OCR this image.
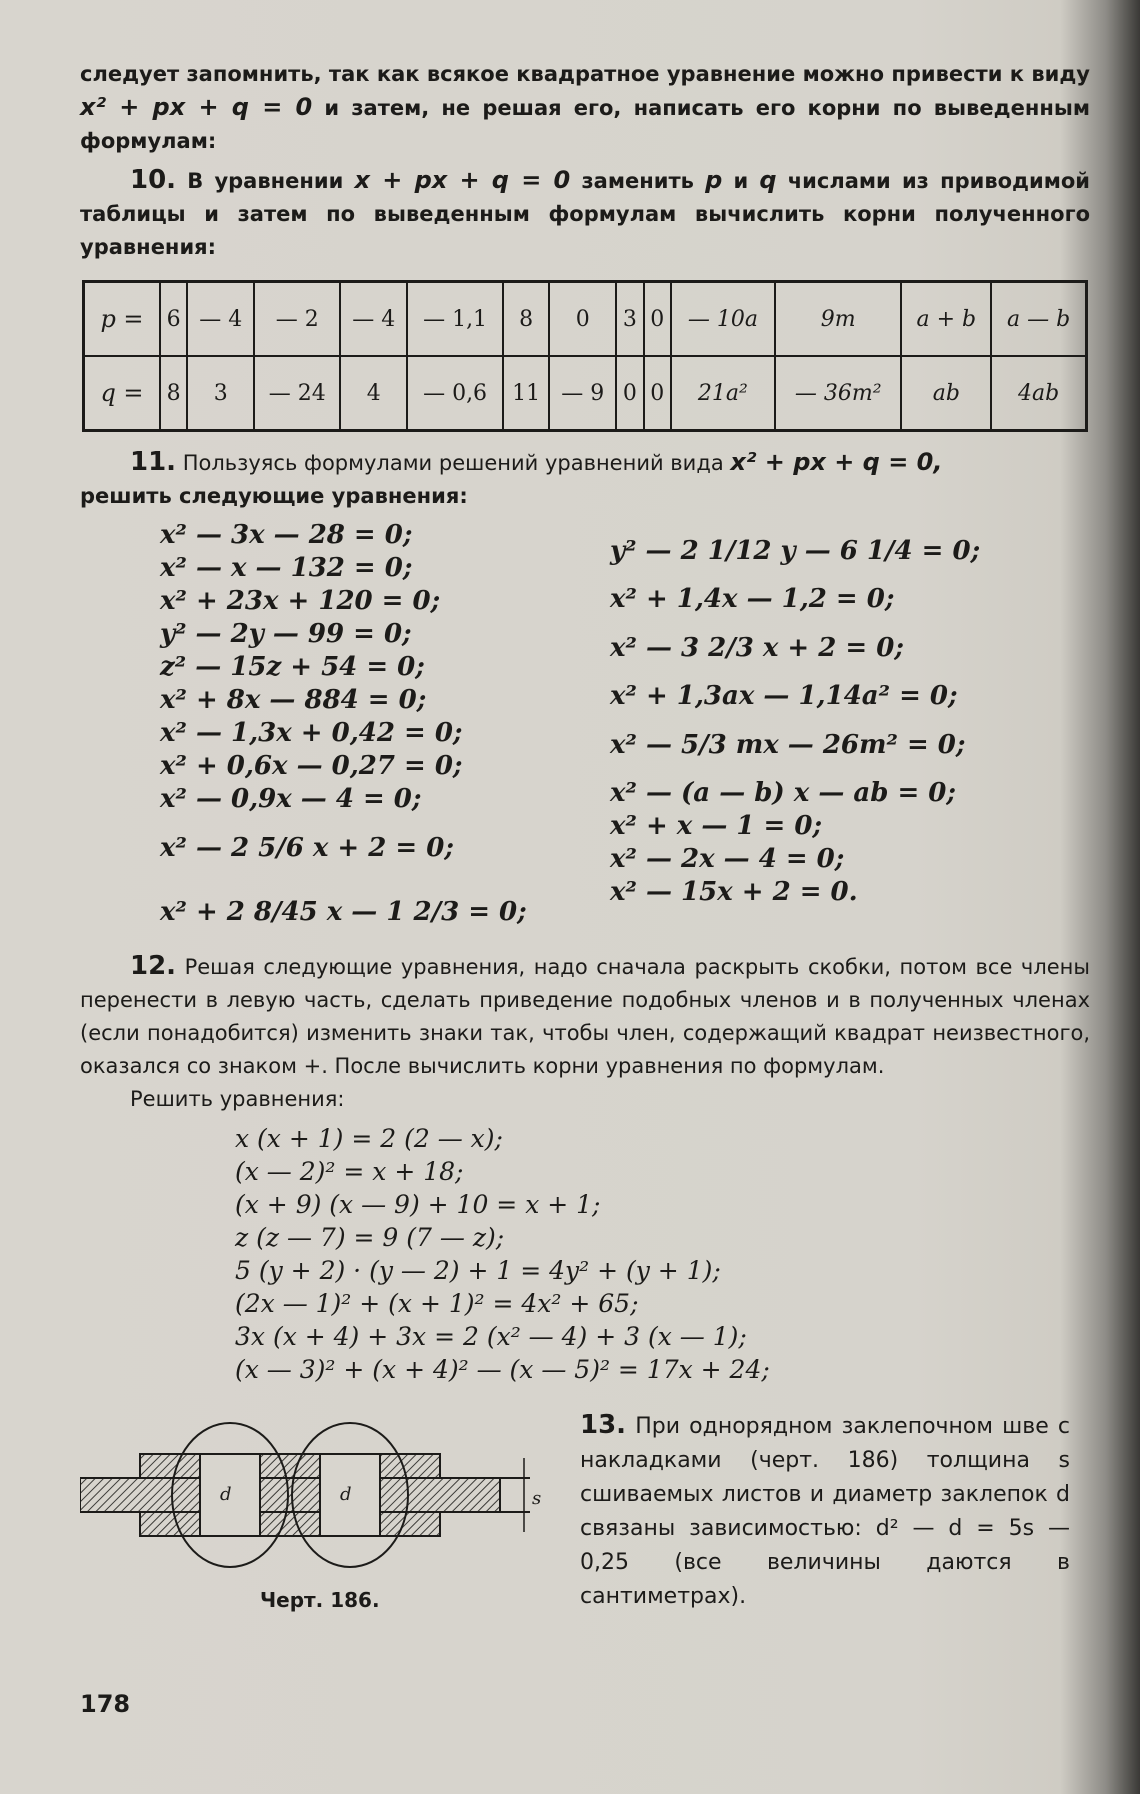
следует запомнить, так как всякое квадратное уравнение можно привести к виду x² + px + q = 0 и затем, не решая его, написать его корни по выведенным формулам:

10. В уравнении x + px + q = 0 заменить p и q числами из приводимой таблицы и затем по выведенным формулам вычислить корни полученного уравнения:

p =	6	— 4	— 2	— 4	— 1,1	8	0	3	0	— 10a	9m	a + b	a — b
q =	8	3	— 24	4	— 0,6	11	— 9	0	0	21a²	— 36m²	ab	4ab

11. Пользуясь формулами решений уравнений вида x² + px + q = 0,
решить следующие уравнения:

x² — 3x — 28 = 0;
x² — x — 132 = 0;
x² + 23x + 120 = 0;
y² — 2y — 99 = 0;
z² — 15z + 54 = 0;
x² + 8x — 884 = 0;
x² — 1,3x + 0,42 = 0;
x² + 0,6x — 0,27 = 0;
x² — 0,9x — 4 = 0;
x² — 2 5/6 x + 2 = 0;
x² + 2 8/45 x — 1 2/3 = 0;
y² — 2 1/12 y — 6 1/4 = 0;
x² + 1,4x — 1,2 = 0;
x² — 3 2/3 x + 2 = 0;
x² + 1,3ax — 1,14a² = 0;
x² — 5/3 mx — 26m² = 0;
x² — (a — b) x — ab = 0;
x² + x — 1 = 0;
x² — 2x — 4 = 0;
x² — 15x + 2 = 0.

12. Решая следующие уравнения, надо сначала раскрыть скобки, потом все члены перенести в левую часть, сделать приведение подобных членов и в полученных членах (если понадобится) изменить знаки так, чтобы член, содержащий квадрат неизвестного, оказался со знаком +. После вычислить корни уравнения по формулам.

Решить уравнения:

x (x + 1) = 2 (2 — x);
(x — 2)² = x + 18;
(x + 9) (x — 9) + 10 = x + 1;
z (z — 7) = 9 (7 — z);
5 (y + 2) · (y — 2) + 1 = 4y² + (y + 1);
(2x — 1)² + (x + 1)² = 4x² + 65;
3x (x + 4) + 3x = 2 (x² — 4) + 3 (x — 1);
(x — 3)² + (x + 4)² — (x — 5)² = 17x + 24;
d	d	s
Черт. 186.

13. При однорядном заклепочном шве с накладками (черт. 186) толщина s сшиваемых листов и диаметр заклепок d связаны зависимостью: d² — d = 5s — 0,25 (все величины даются в сантиметрах).

178
